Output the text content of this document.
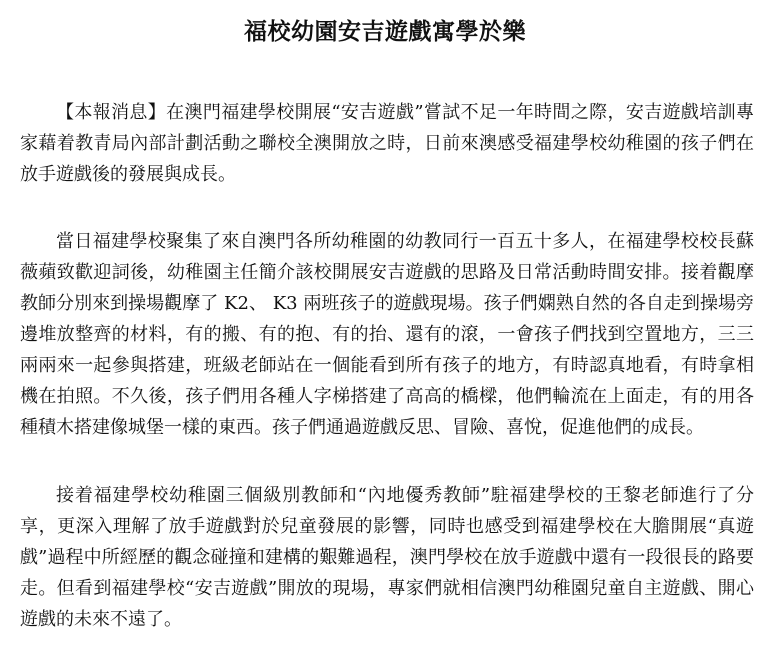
福校幼園安吉遊戲寓學於樂

【本報消息】在澳門福建學校開展“安吉遊戲”嘗試不足一年時間之際，安吉遊戲培訓專家藉着教青局內部計劃活動之聯校全澳開放之時，日前來澳感受福建學校幼稚園的孩子們在放手遊戲後的發展與成長。

當日福建學校聚集了來自澳門各所幼稚園的幼教同行一百五十多人，在福建學校校長蘇薇蘋致歡迎詞後，幼稚園主任簡介該校開展安吉遊戲的思路及日常活動時間安排。接着觀摩教師分別來到操場觀摩了 K2、 K3 兩班孩子的遊戲現場。孩子們嫻熟自然的各自走到操場旁邊堆放整齊的材料，有的搬、有的抱、有的抬、還有的滾，一會孩子們找到空置地方，三三兩兩來一起參與搭建，班級老師站在一個能看到所有孩子的地方，有時認真地看，有時拿相機在拍照。不久後，孩子們用各種人字梯搭建了高高的橋樑，他們輪流在上面走，有的用各種積木搭建像城堡一樣的東西。孩子們通過遊戲反思、冒險、喜悅，促進他們的成長。

接着福建學校幼稚園三個級別教師和“內地優秀教師”駐福建學校的王黎老師進行了分享，更深入理解了放手遊戲對於兒童發展的影響，同時也感受到福建學校在大膽開展“真遊戲”過程中所經歷的觀念碰撞和建構的艱難過程，澳門學校在放手遊戲中還有一段很長的路要走。但看到福建學校“安吉遊戲”開放的現場，專家們就相信澳門幼稚園兒童自主遊戲、開心遊戲的未來不遠了。
